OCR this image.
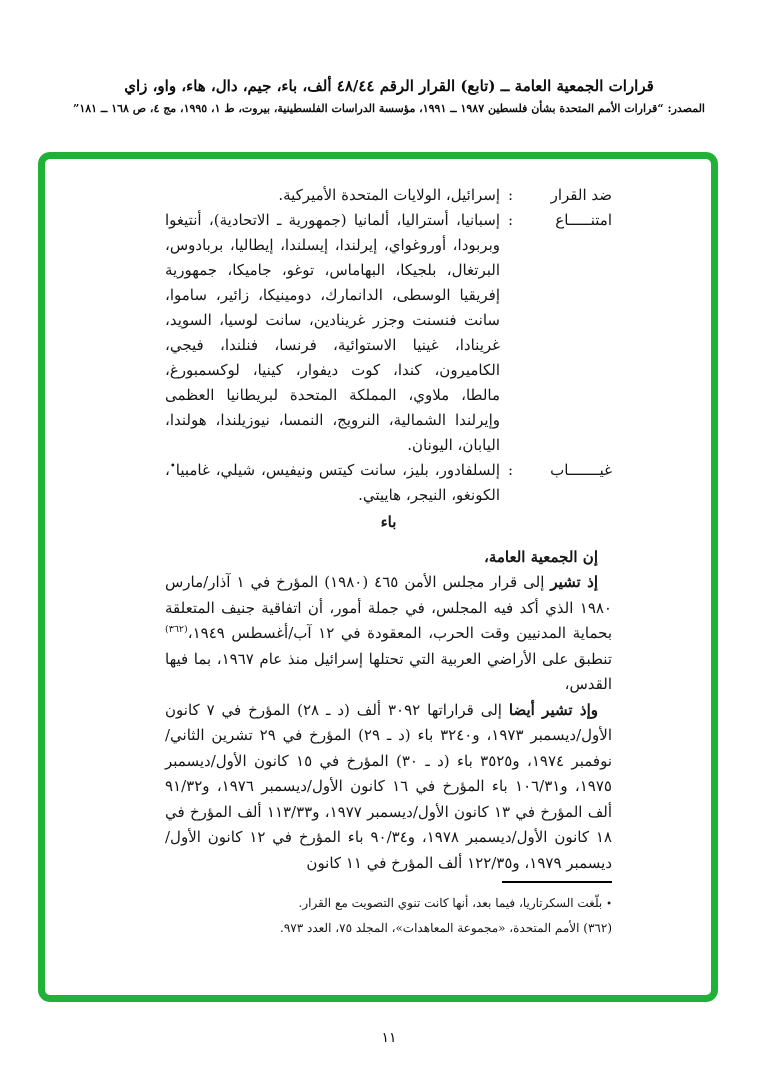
قرارات الجمعية العامة ــ (تابع) القرار الرقم ٤٨/٤٤ ألف، باء، جيم، دال، هاء، واو، زاي
المصدر: “قرارات الأمم المتحدة بشأن فلسطين ١٩٨٧ ــ ١٩٩١، مؤسسة الدراسات الفلسطينية، بيروت، ط ١، ١٩٩٥، مج ٤، ص ١٦٨ ــ ١٨١”
ضد القرار
:
إسرائيل، الولايات المتحدة الأميركية.
امتنـــــاع
:
إسبانيا، أستراليا، ألمانيا (جمهورية ـ الاتحادية)، أنتيغوا وبربودا، أوروغواي، إيرلندا، إيسلندا، إيطاليا، بربادوس، البرتغال، بلجيكا، البهاماس، توغو، جاميكا، جمهورية إفريقيا الوسطى، الدانمارك، دومينيكا، زائير، ساموا، سانت فنسنت وجزر غرينادين، سانت لوسيا، السويد، غرينادا، غينيا الاستوائية، فرنسا، فنلندا، فيجي، الكاميرون، كندا، كوت ديفوار، كينيا، لوكسمبورغ، مالطا، ملاوي، المملكة المتحدة لبريطانيا العظمى وإيرلندا الشمالية، النرويج، النمسا، نيوزيلندا، هولندا، اليابان، اليونان.
غيـــــــاب
:
إلسلفادور، بليز، سانت كيتس ونيفيس، شيلي، غامبيا•، الكونغو، النيجر، هاييتي.
باء
إن الجمعية العامة،

إذ تشير إلى قرار مجلس الأمن ٤٦٥ (١٩٨٠) المؤرخ في ١ آذار/مارس ١٩٨٠ الذي أكد فيه المجلس، في جملة أمور، أن اتفاقية جنيف المتعلقة بحماية المدنيين وقت الحرب، المعقودة في ١٢ آب/أغسطس ١٩٤٩،$^{(٣٦٢)}$ تنطبق على الأراضي العربية التي تحتلها إسرائيل منذ عام ١٩٦٧، بما فيها القدس،

وإذ تشير أيضا إلى قراراتها ٣٠٩٢ ألف (د ـ ٢٨) المؤرخ في ٧ كانون الأول/ديسمبر ١٩٧٣، و٣٢٤٠ باء (د ـ ٢٩) المؤرخ في ٢٩ تشرين الثاني/نوفمبر ١٩٧٤، و٣٥٢٥ باء (د ـ ٣٠) المؤرخ في ١٥ كانون الأول/ديسمبر ١٩٧٥، و١٠٦/٣١ باء المؤرخ في ١٦ كانون الأول/ديسمبر ١٩٧٦، و٩١/٣٢ ألف المؤرخ في ١٣ كانون الأول/ديسمبر ١٩٧٧، و١١٣/٣٣ ألف المؤرخ في ١٨ كانون الأول/ديسمبر ١٩٧٨، و٩٠/٣٤ باء المؤرخ في ١٢ كانون الأول/ديسمبر ١٩٧٩، و١٢٢/٣٥ ألف المؤرخ في ١١ كانون

• بلّغت السكرتاريا، فيما بعد، أنها كانت تنوي التصويت مع القرار.
(٣٦٢) الأمم المتحدة، «مجموعة المعاهدات»، المجلد ٧٥، العدد ٩٧٣.
١١
